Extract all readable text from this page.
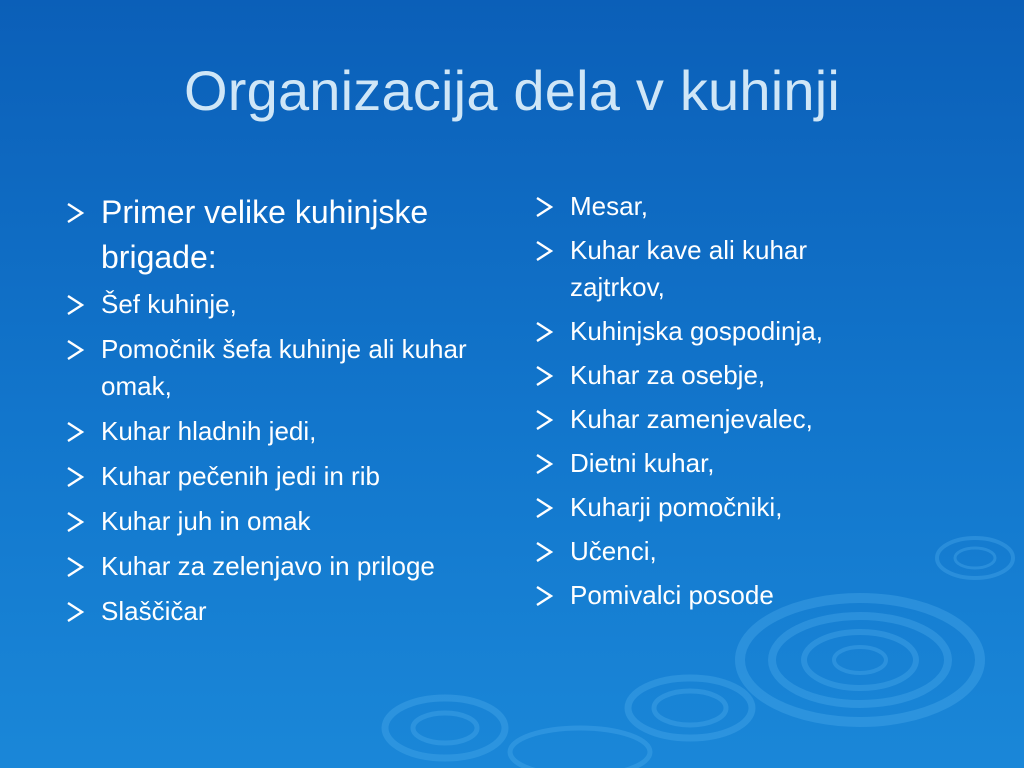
Organizacija dela v kuhinji
Primer velike kuhinjske brigade:
Šef kuhinje,
Pomočnik šefa kuhinje ali kuhar omak,
Kuhar hladnih jedi,
Kuhar pečenih jedi in rib
Kuhar juh in omak
Kuhar za zelenjavo in priloge
Slaščičar
Mesar,
Kuhar kave ali kuhar zajtrkov,
Kuhinjska gospodinja,
Kuhar za osebje,
Kuhar zamenjevalec,
Dietni kuhar,
Kuharji pomočniki,
Učenci,
Pomivalci posode
